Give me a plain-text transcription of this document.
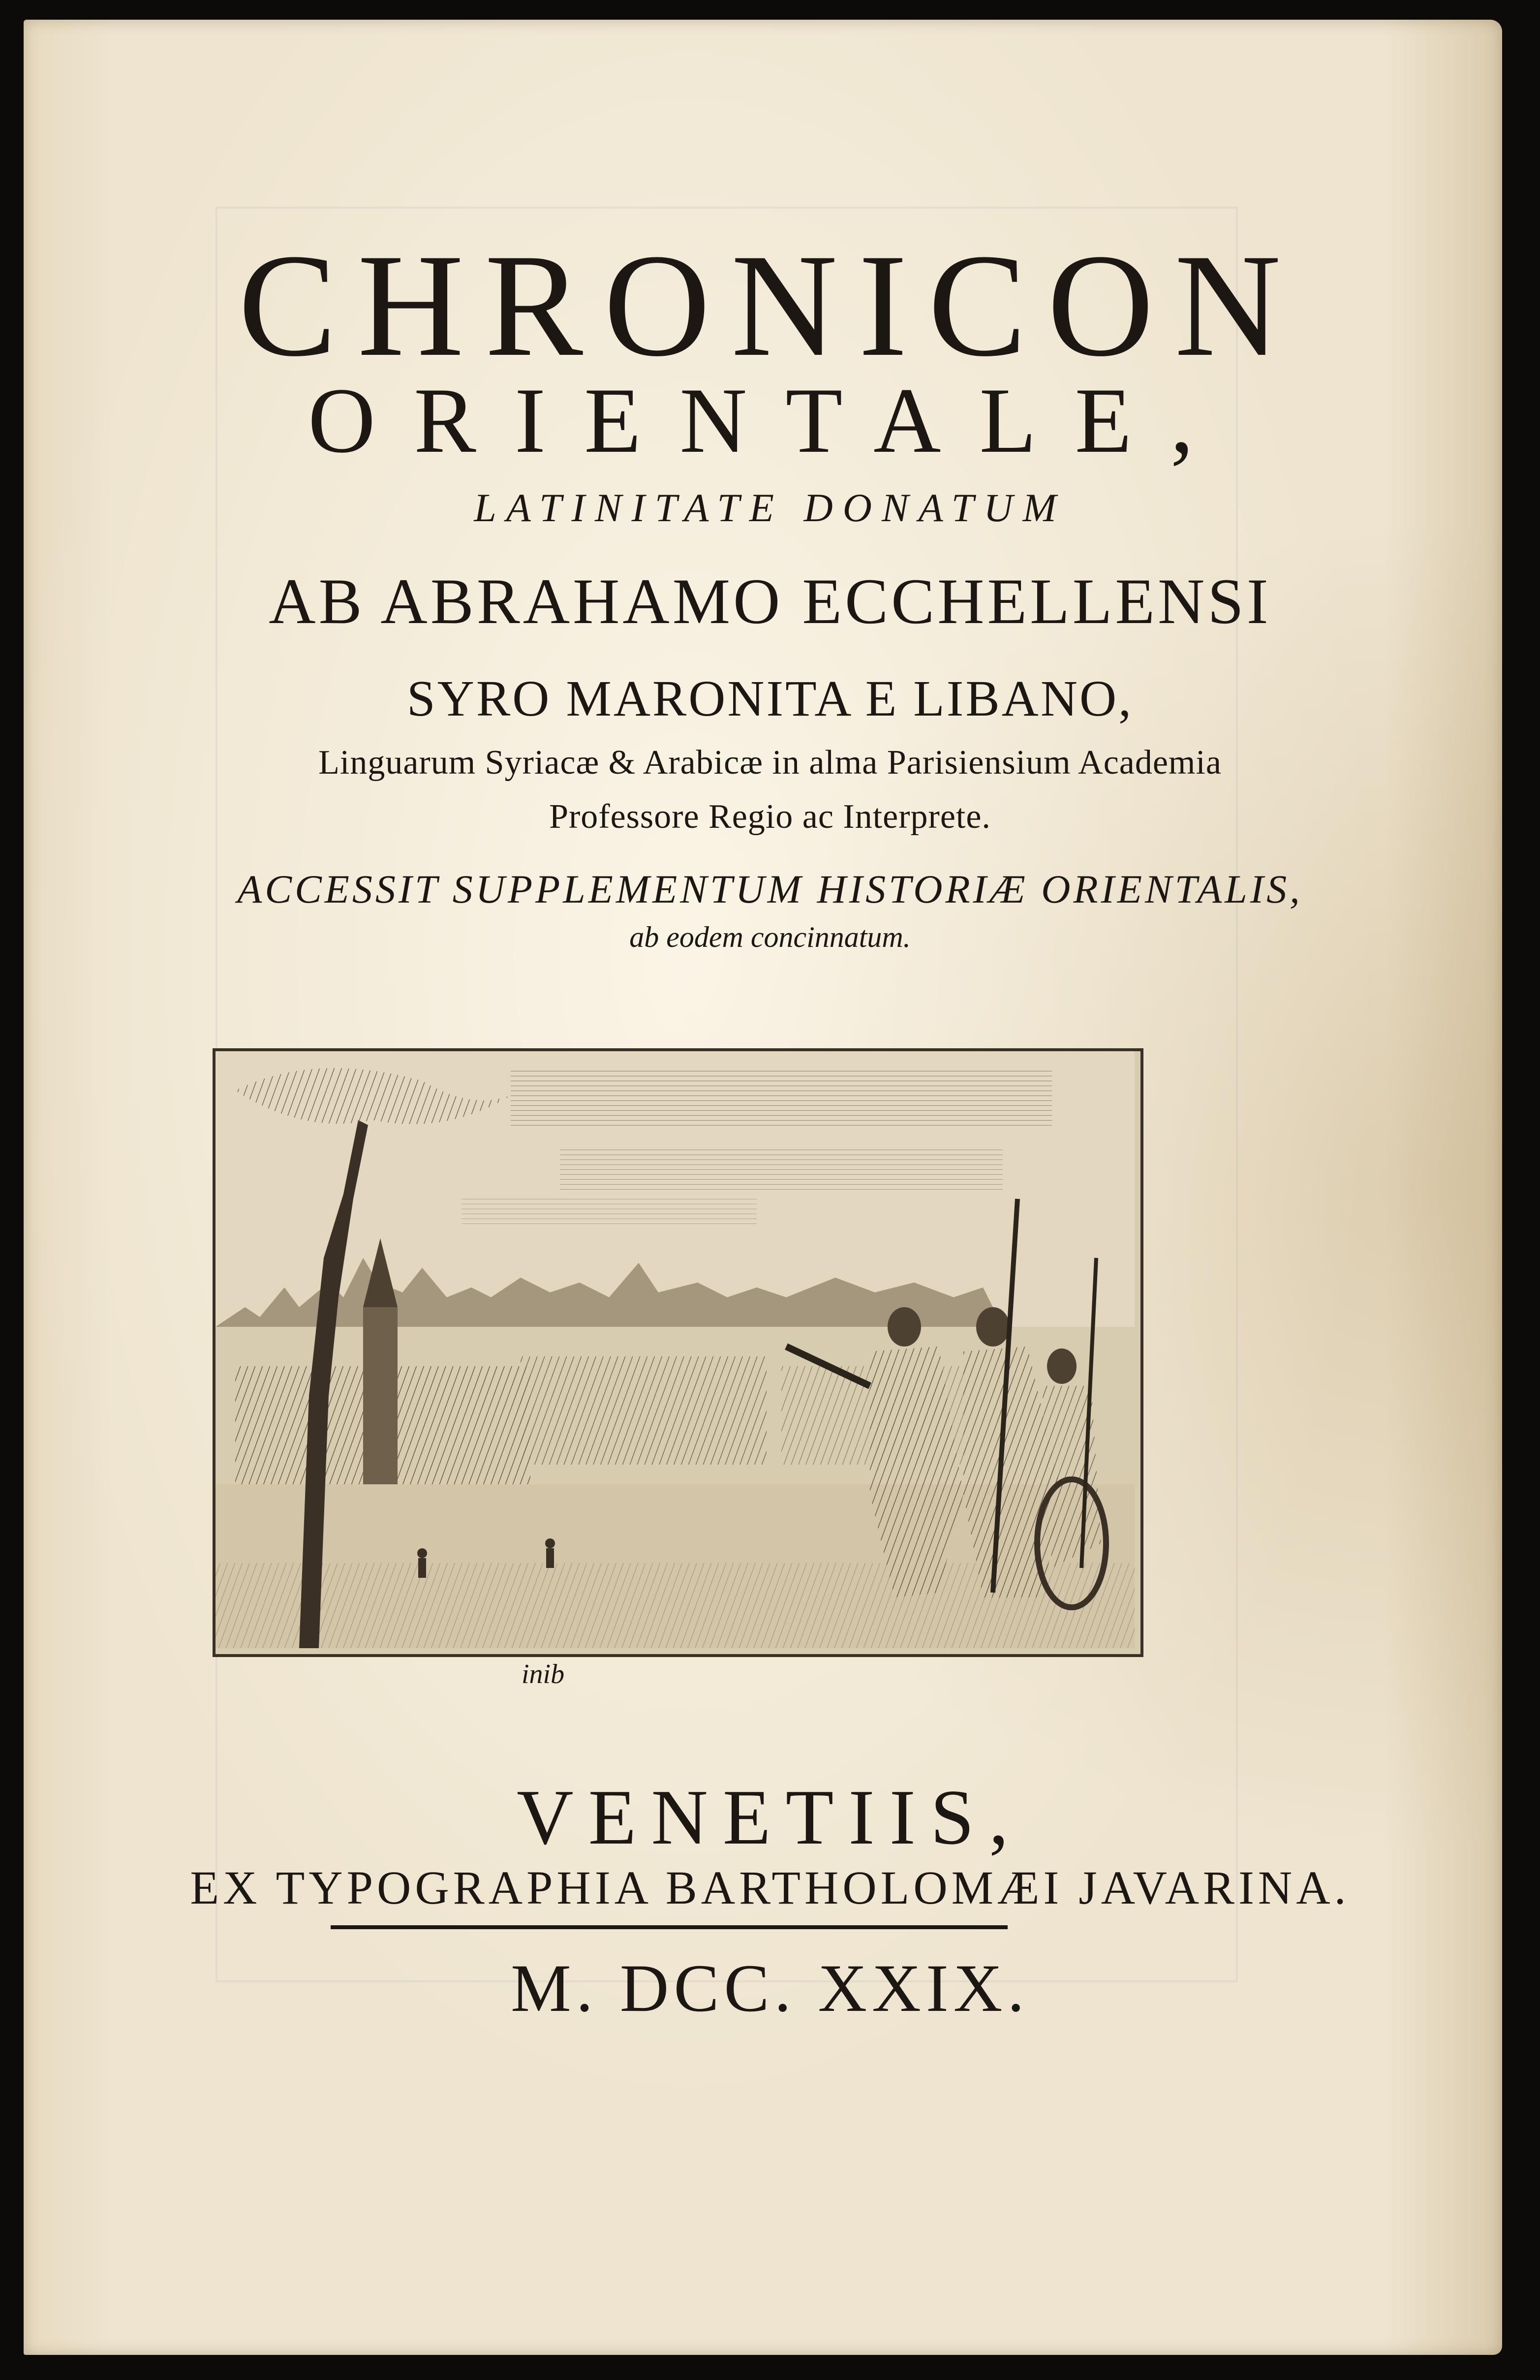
CHRONICON
ORIENTALE,
LATINITATE DONATUM
AB ABRAHAMO ECCHELLENSI
SYRO MARONITA E LIBANO,
Linguarum Syriacæ & Arabicæ in alma Parisiensium Academia
Professore Regio ac Interprete.
ACCESSIT SUPPLEMENTUM HISTORIÆ ORIENTALIS,
ab eodem concinnatum.
inib
VENETIIS,
EX TYPOGRAPHIA BARTHOLOMÆI JAVARINA.
M. DCC. XXIX.
